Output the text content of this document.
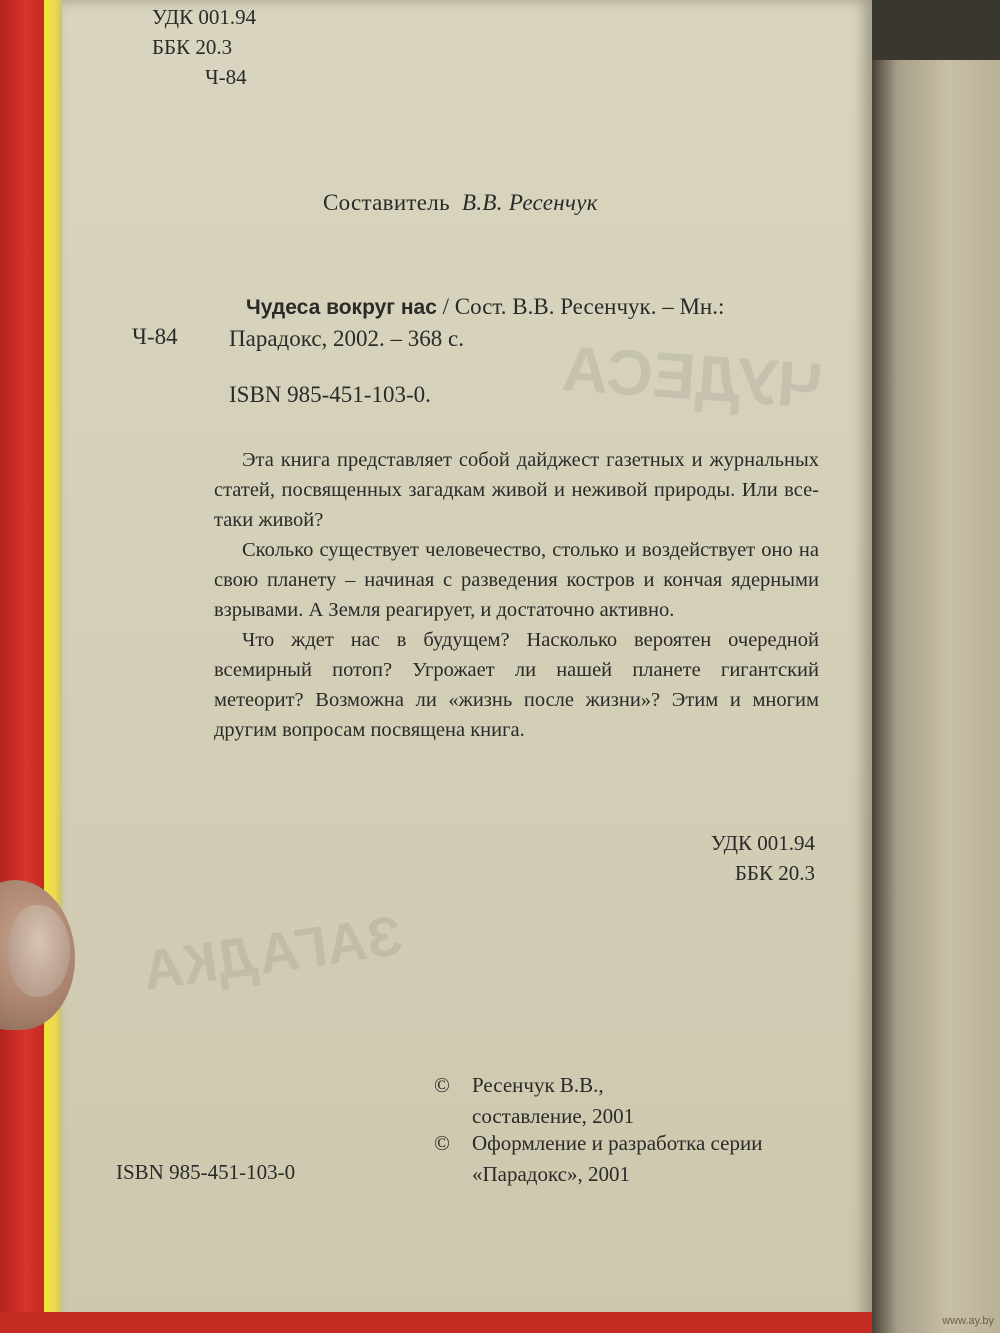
ЧУДЕСА
ЗАГАДКА
УДК 001.94
ББК 20.3
Ч-84
Составитель В.В. Ресенчук
Чудеса вокруг нас / Сост. В.В. Ресенчук. – Мн.:
Ч-84 Парадокс, 2002. – 368 с.
ISBN 985-451-103-0.

Эта книга представляет собой дайджест газетных и журнальных статей, посвященных загадкам живой и неживой природы. Или все-таки живой?

Сколько существует человечество, столько и воздействует оно на свою планету – начиная с разведения костров и кончая ядерными взрывами. А Земля реагирует, и достаточно активно.

Что ждет нас в будущем? Насколько вероятен очередной всемирный потоп? Угрожает ли нашей планете гигантский метеорит? Возможна ли «жизнь после жизни»? Этим и многим другим вопросам посвящена книга.

УДК 001.94
ББК 20.3
© Ресенчук В.В.,
составление, 2001
© Оформление и разработка серии
«Парадокс», 2001
ISBN 985-451-103-0
www.ay.by
